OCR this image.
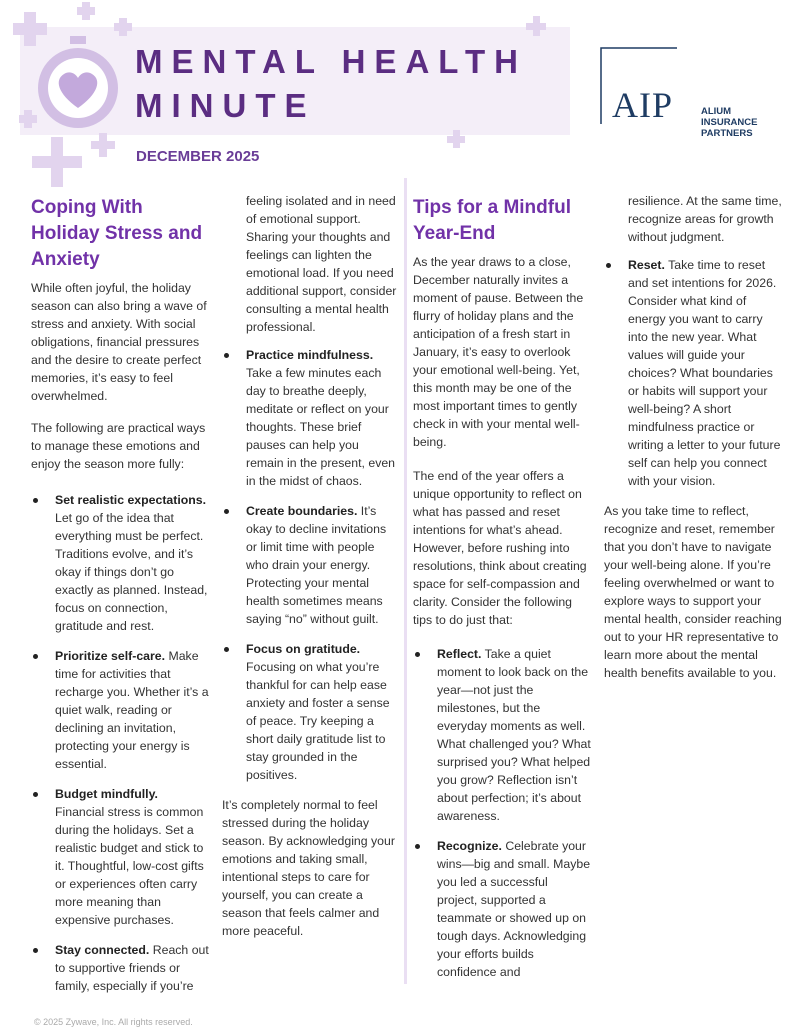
MENTAL HEALTH
MINUTE
DECEMBER 2025
AIP	ALIUM
INSURANCE
PARTNERS
Coping With Holiday Stress and Anxiety

While often joyful, the holiday season can also bring a wave of stress and anxiety. With social obligations, financial pressures and the desire to create perfect memories, it’s easy to feel overwhelmed.

The following are practical ways to manage these emotions and enjoy the season more fully:

Set realistic expectations. Let go of the idea that everything must be perfect. Traditions evolve, and it’s okay if things don’t go exactly as planned. Instead, focus on connection, gratitude and rest.
Prioritize self-care. Make time for activities that recharge you. Whether it’s a quiet walk, reading or declining an invitation, protecting your energy is essential.
Budget mindfully. Financial stress is common during the holidays. Set a realistic budget and stick to it. Thoughtful, low-cost gifts or experiences often carry more meaning than expensive purchases.
Stay connected. Reach out to supportive friends or family, especially if you’re

feeling isolated and in need of emotional support. Sharing your thoughts and feelings can lighten the emotional load. If you need additional support, consider consulting a mental health professional.

Practice mindfulness. Take a few minutes each day to breathe deeply, meditate or reflect on your thoughts. These brief pauses can help you remain in the present, even in the midst of chaos.
Create boundaries. It’s okay to decline invitations or limit time with people who drain your energy. Protecting your mental health sometimes means saying “no” without guilt.
Focus on gratitude. Focusing on what you’re thankful for can help ease anxiety and foster a sense of peace. Try keeping a short daily gratitude list to stay grounded in the positives.

It’s completely normal to feel stressed during the holiday season. By acknowledging your emotions and taking small, intentional steps to care for yourself, you can create a season that feels calmer and more peaceful.

Tips for a Mindful Year-End

As the year draws to a close, December naturally invites a moment of pause. Between the flurry of holiday plans and the anticipation of a fresh start in January, it’s easy to overlook your emotional well-being. Yet, this month may be one of the most important times to gently check in with your mental well-being.

The end of the year offers a unique opportunity to reflect on what has passed and reset intentions for what’s ahead. However, before rushing into resolutions, think about creating space for self-compassion and clarity. Consider the following tips to do just that:

Reflect. Take a quiet moment to look back on the year—not just the milestones, but the everyday moments as well. What challenged you? What surprised you? What helped you grow? Reflection isn’t about perfection; it’s about awareness.
Recognize. Celebrate your wins—big and small. Maybe you led a successful project, supported a teammate or showed up on tough days. Acknowledging your efforts builds confidence and

resilience. At the same time, recognize areas for growth without judgment.

Reset. Take time to reset and set intentions for 2026. Consider what kind of energy you want to carry into the new year. What values will guide your choices? What boundaries or habits will support your well-being? A short mindfulness practice or writing a letter to your future self can help you connect with your vision.

As you take time to reflect, recognize and reset, remember that you don’t have to navigate your well-being alone. If you’re feeling overwhelmed or want to explore ways to support your mental health, consider reaching out to your HR representative to learn more about the mental health benefits available to you.

© 2025 Zywave, Inc. All rights reserved.
